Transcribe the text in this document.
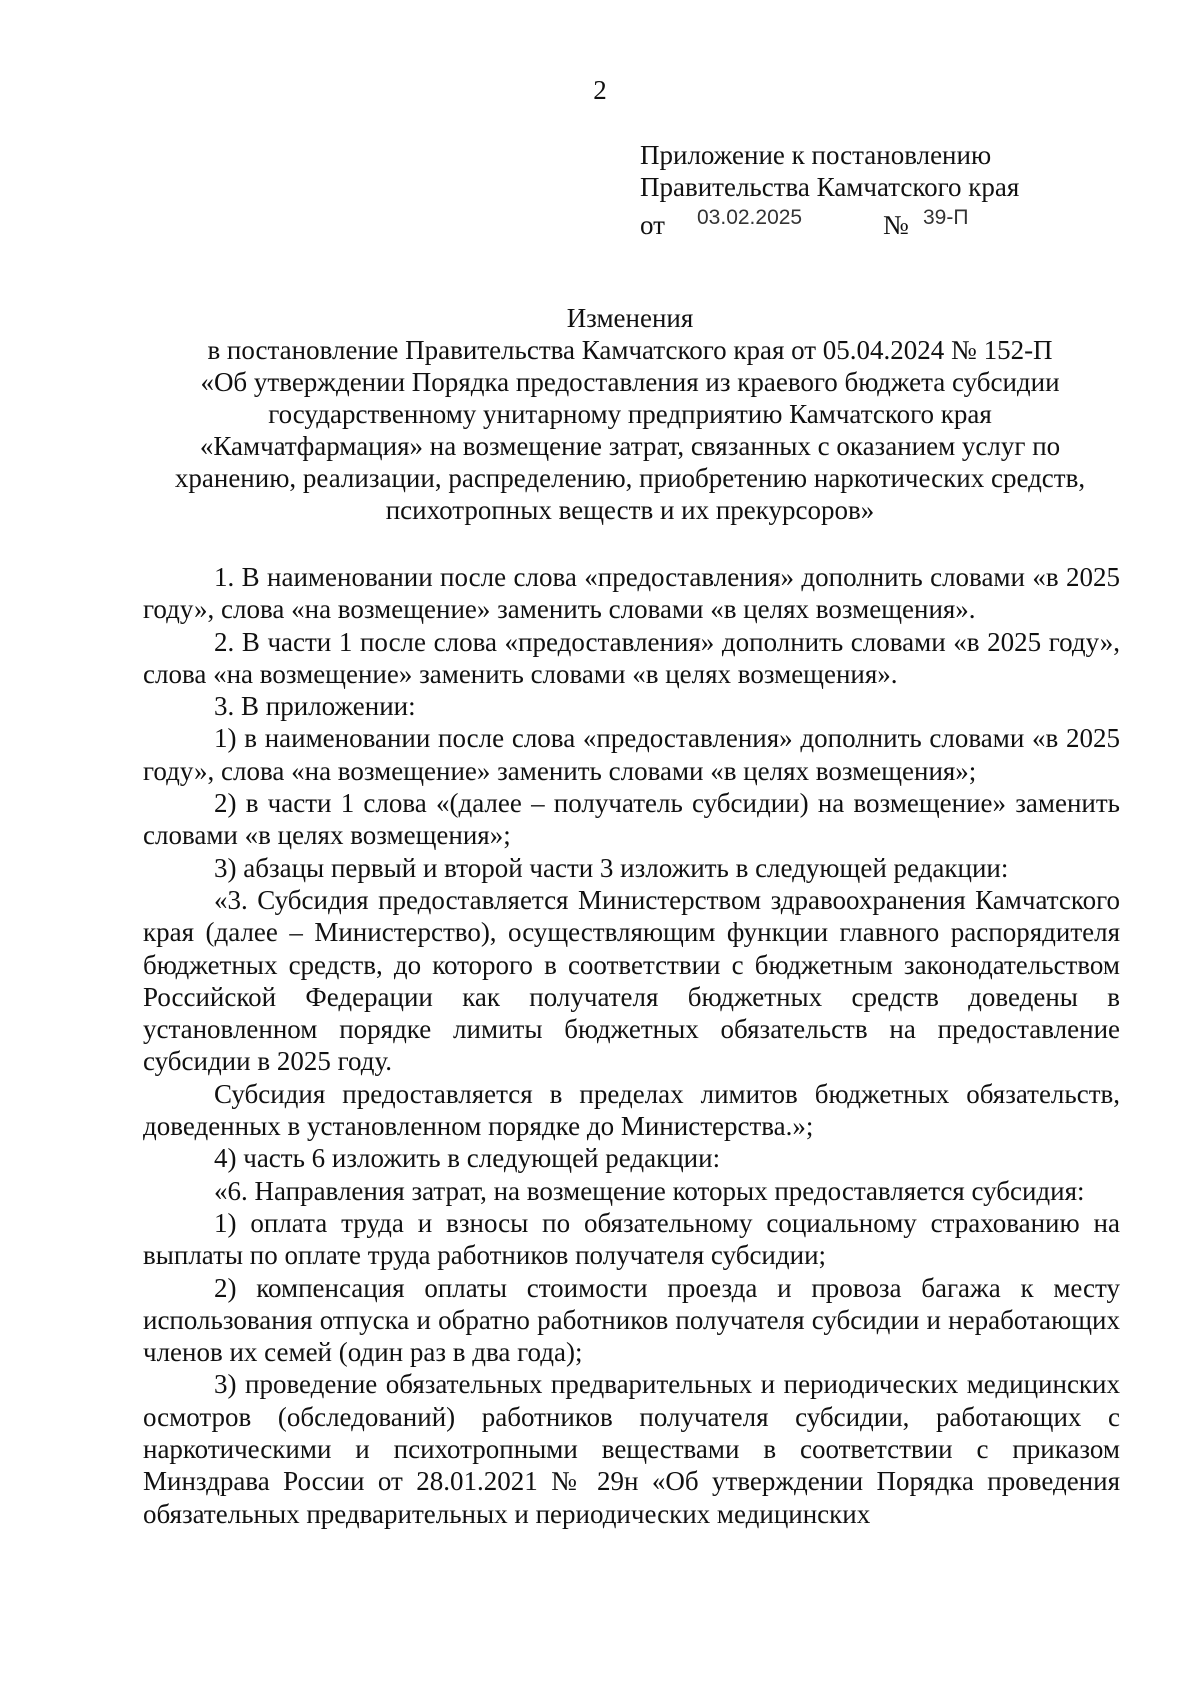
2
Приложение к постановлению
Правительства Камчатского края
от 03.02.2025	№ 39-П
Изменения
в постановление Правительства Камчатского края от 05.04.2024 № 152-П
«Об утверждении Порядка предоставления из краевого бюджета субсидии
государственному унитарному предприятию Камчатского края
«Камчатфармация» на возмещение затрат, связанных с оказанием услуг по
хранению, реализации, распределению, приобретению наркотических средств,
психотропных веществ и их прекурсоров»

1. В наименовании после слова «предоставления» дополнить словами «в 2025 году», слова «на возмещение» заменить словами «в целях возмещения».

2. В части 1 после слова «предоставления» дополнить словами «в 2025 году», слова «на возмещение» заменить словами «в целях возмещения».

3. В приложении:

1) в наименовании после слова «предоставления» дополнить словами «в 2025 году», слова «на возмещение» заменить словами «в целях возмещения»;

2) в части 1 слова «(далее – получатель субсидии) на возмещение» заменить словами «в целях возмещения»;

3) абзацы первый и второй части 3 изложить в следующей редакции:

«3. Субсидия предоставляется Министерством здравоохранения Камчатского края (далее – Министерство), осуществляющим функции главного распорядителя бюджетных средств, до которого в соответствии с бюджетным законодательством Российской Федерации как получателя бюджетных средств доведены в установленном порядке лимиты бюджетных обязательств на предоставление субсидии в 2025 году.

Субсидия предоставляется в пределах лимитов бюджетных обязательств, доведенных в установленном порядке до Министерства.»;

4) часть 6 изложить в следующей редакции:

«6. Направления затрат, на возмещение которых предоставляется субсидия:

1) оплата труда и взносы по обязательному социальному страхованию на выплаты по оплате труда работников получателя субсидии;

2) компенсация оплаты стоимости проезда и провоза багажа к месту использования отпуска и обратно работников получателя субсидии и неработающих членов их семей (один раз в два года);

3) проведение обязательных предварительных и периодических медицинских осмотров (обследований) работников получателя субсидии, работающих с наркотическими и психотропными веществами в соответствии с приказом Минздрава России от 28.01.2021 № 29н «Об утверждении Порядка проведения обязательных предварительных и периодических медицинских
